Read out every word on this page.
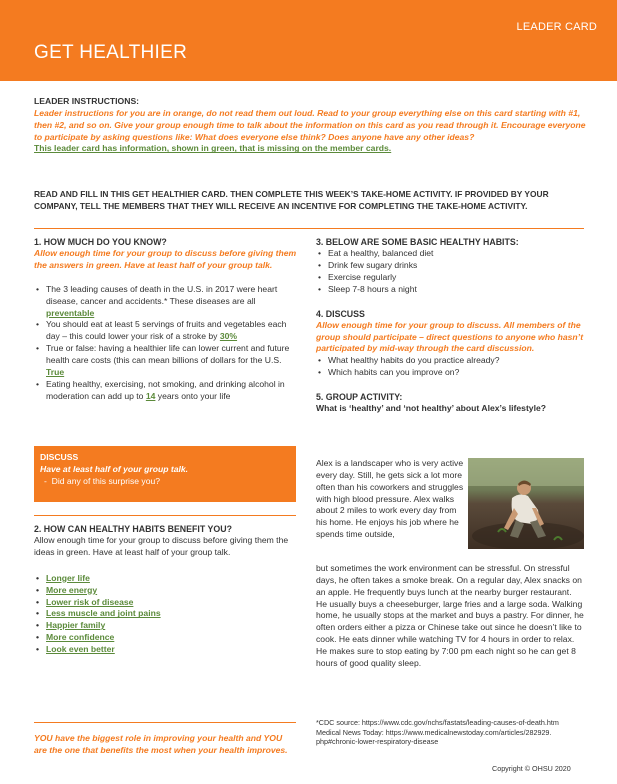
LEADER CARD
GET HEALTHIER
LEADER INSTRUCTIONS:
Leader instructions for you are in orange, do not read them out loud. Read to your group everything else on this card starting with #1, then #2, and so on. Give your group enough time to talk about the information on this card as you read through it. Encourage everyone to participate by asking questions like: What does everyone else think? Does anyone have any other ideas?
This leader card has information, shown in green, that is missing on the member cards.
READ AND FILL IN THIS GET HEALTHIER CARD. THEN COMPLETE THIS WEEK’S TAKE-HOME ACTIVITY. IF PROVIDED BY YOUR COMPANY, TELL THE MEMBERS THAT THEY WILL RECEIVE AN INCENTIVE FOR COMPLETING THE TAKE-HOME ACTIVITY.
1. HOW MUCH DO YOU KNOW?
Allow enough time for your group to discuss before giving them the answers in green. Have at least half of your group talk.
• The 3 leading causes of death in the U.S. in 2017 were heart disease, cancer and accidents.* These diseases are all preventable
• You should eat at least 5 servings of fruits and vegetables each day – this could lower your risk of a stroke by 30%
• True or false: having a healthier life can lower current and future health care costs (this can mean billions of dollars for the U.S. True
• Eating healthy, exercising, not smoking, and drinking alcohol in moderation can add up to 14 years onto your life
DISCUSS
Have at least half of your group talk.
-  Did any of this surprise you?
2. HOW CAN HEALTHY HABITS BENEFIT YOU?
Allow enough time for your group to discuss before giving them the ideas in green. Have at least half of your group talk.
• Longer life
• More energy
• Lower risk of disease
• Less muscle and joint pains
• Happier family
• More confidence
• Look even better
3. BELOW ARE SOME BASIC HEALTHY HABITS:
• Eat a healthy, balanced diet
• Drink few sugary drinks
• Exercise regularly
• Sleep 7-8 hours a night
4. DISCUSS
Allow enough time for your group to discuss. All members of the group should participate – direct questions to anyone who hasn’t participated by mid-way through the card discussion.
• What healthy habits do you practice already?
• Which habits can you improve on?
5. GROUP ACTIVITY:
What is ‘healthy’ and ‘not healthy’ about Alex’s lifestyle?
Alex is a landscaper who is very active every day. Still, he gets sick a lot more often than his coworkers and struggles with high blood pressure. Alex walks about 2 miles to work every day from his home. He enjoys his job where he spends time outside,
but sometimes the work environment can be stressful. On stressful days, he often takes a smoke break. On a regular day, Alex snacks on an apple. He frequently buys lunch at the nearby burger restaurant. He usually buys a cheeseburger, large fries and a large soda. Walking home, he usually stops at the market and buys a pastry. For dinner, he often orders either a pizza or Chinese take out since he doesn’t like to cook. He eats dinner while watching TV for 4 hours in order to relax. He makes sure to stop eating by 7:00 pm each night so he can get 8 hours of good quality sleep.
YOU have the biggest role in improving your health and YOU are the one that benefits the most when your health improves.
*CDC source: https://www.cdc.gov/nchs/fastats/leading-causes-of-death.htm
Medical News Today: https://www.medicalnewstoday.com/articles/282929.
php#chronic-lower-respiratory-disease
Copyright © OHSU 2020
